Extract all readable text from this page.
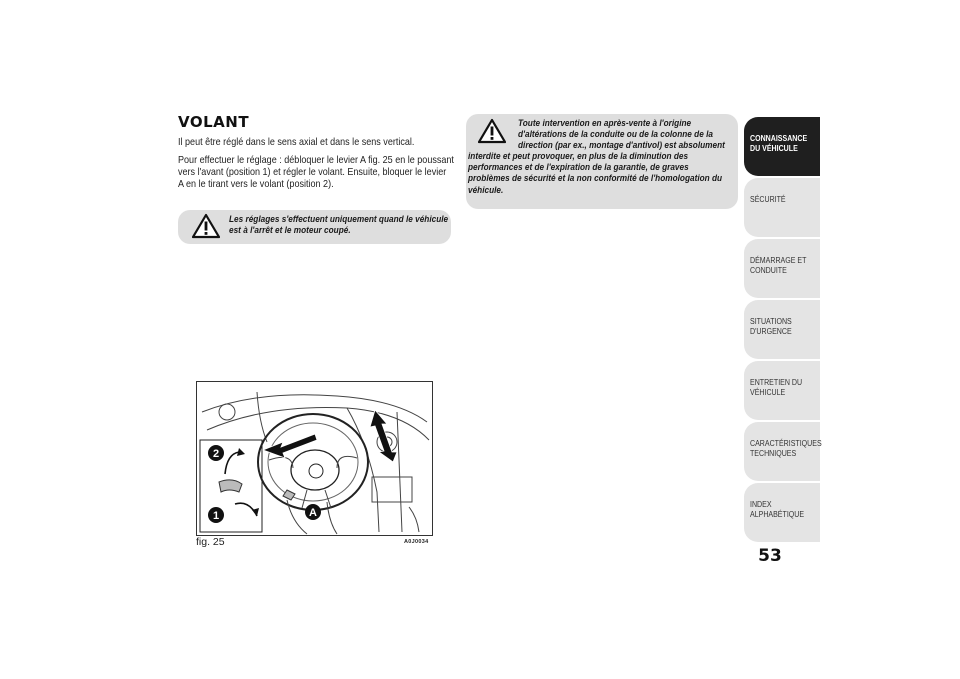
VOLANT
Il peut être réglé dans le sens axial et dans le sens vertical.
Pour effectuer le réglage : débloquer le levier A fig. 25 en le poussant
vers l'avant (position 1) et régler le volant. Ensuite, bloquer le levier
A en le tirant vers le volant (position 2).
Les réglages s'effectuent uniquement quand le véhicule
est à l'arrêt et le moteur coupé.
Toute intervention en après-vente à l'origine
d'altérations de la conduite ou de la colonne de la
direction (par ex., montage d'antivol) est absolument
interdite et peut provoquer, en plus de la diminution des
performances et de l'expiration de la garantie, de graves
problèmes de sécurité et la non conformité de l'homologation du
véhicule.
2
1	A
fig. 25	A0J0034
CONNAISSANCE
DU VÉHICULE
SÉCURITÉ
DÉMARRAGE ET
CONDUITE
SITUATIONS
D'URGENCE
ENTRETIEN DU
VÉHICULE
CARACTÉRISTIQUES
TECHNIQUES
INDEX
ALPHABÉTIQUE
53
